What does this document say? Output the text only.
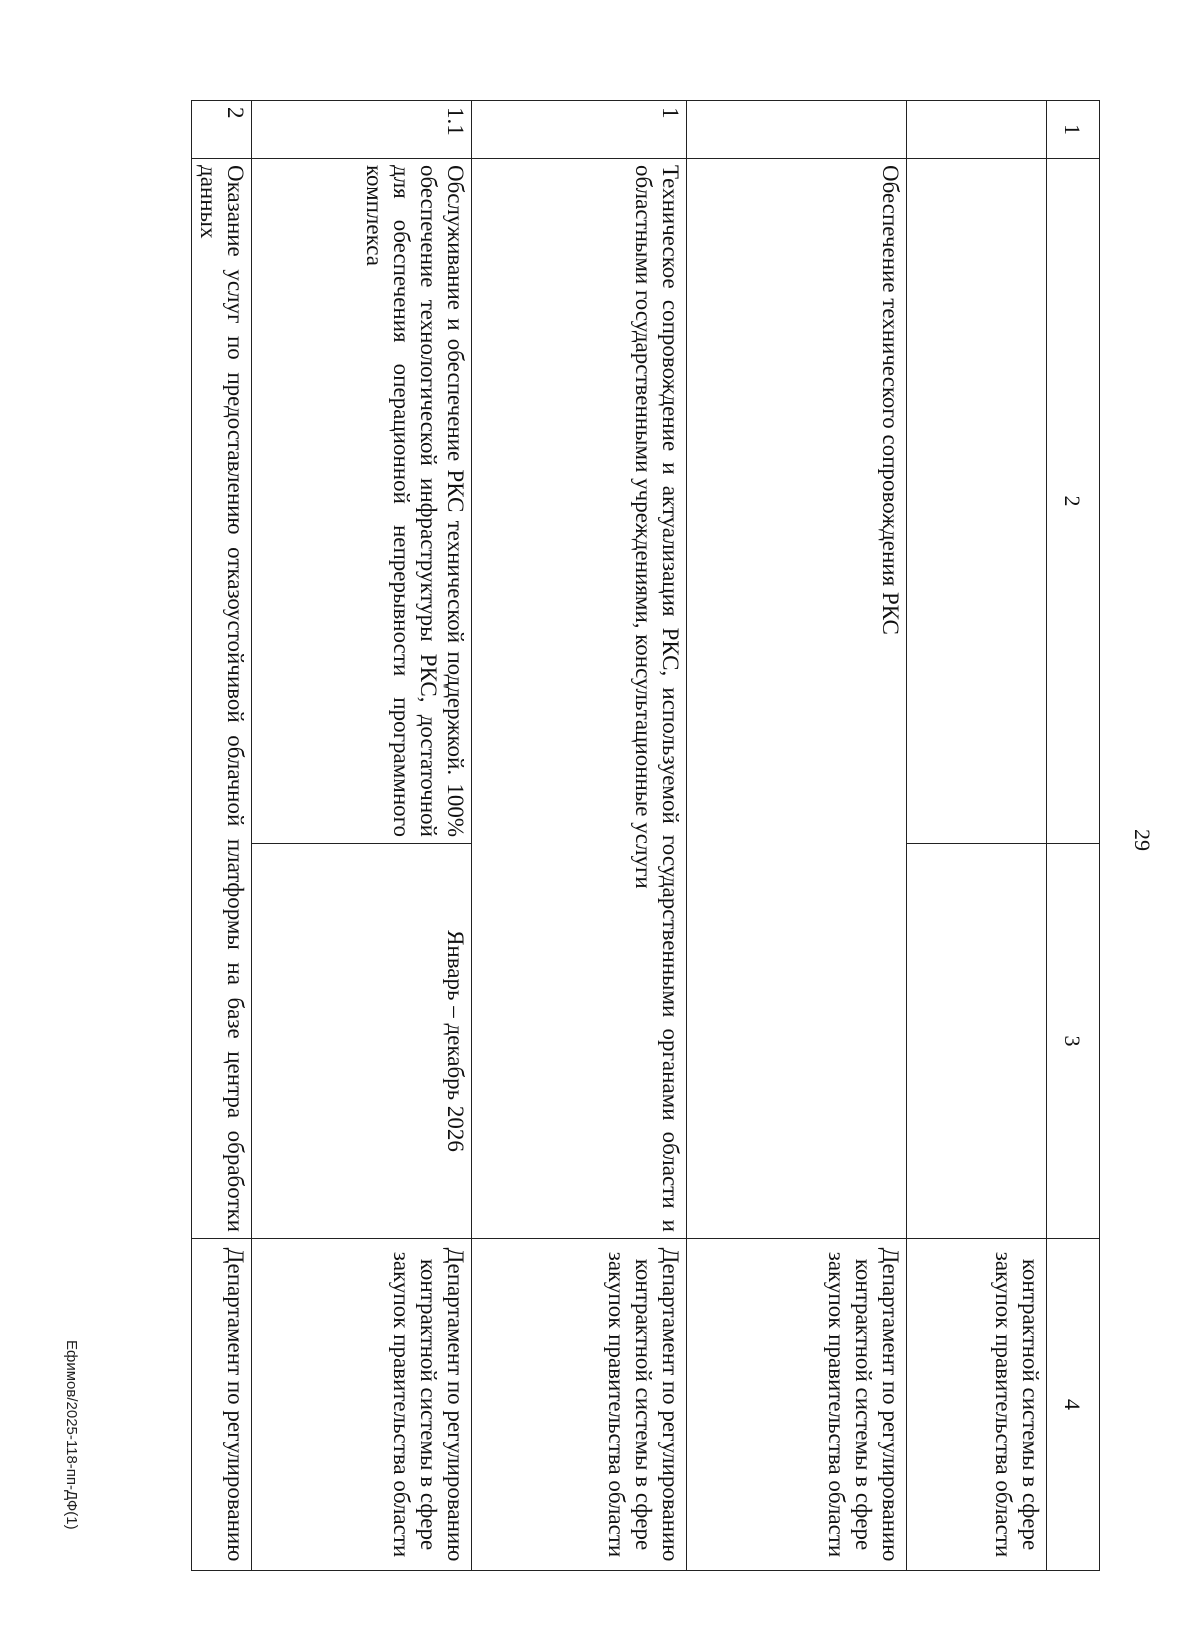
29
1	2	3	4
			контрактной системы в сфере закупок правительства области
	Обеспечение технического сопровождения РКС		Департамент по регулированию контрактной системы в сфере закупок правительства области
1	Техническое сопровождение и актуализация РКС, используемой государственными органами области и областными государственными учреждениями, консультационные услуги		Департамент по регулированию контрактной системы в сфере закупок правительства области
1.1	Обслуживание и обеспечение РКС технической поддержкой. 100% обеспечение технологической инфраструктуры РКС, достаточной для обеспечения операционной непрерывности программного комплекса	Январь – декабрь 2026	Департамент по регулированию контрактной системы в сфере закупок правительства области
2	Оказание услуг по предоставлению отказоустойчивой облачной платформы на базе центра обработки данных		Департамент по регулированию
Ефимов/2025-118-пп-ДФ(1)
